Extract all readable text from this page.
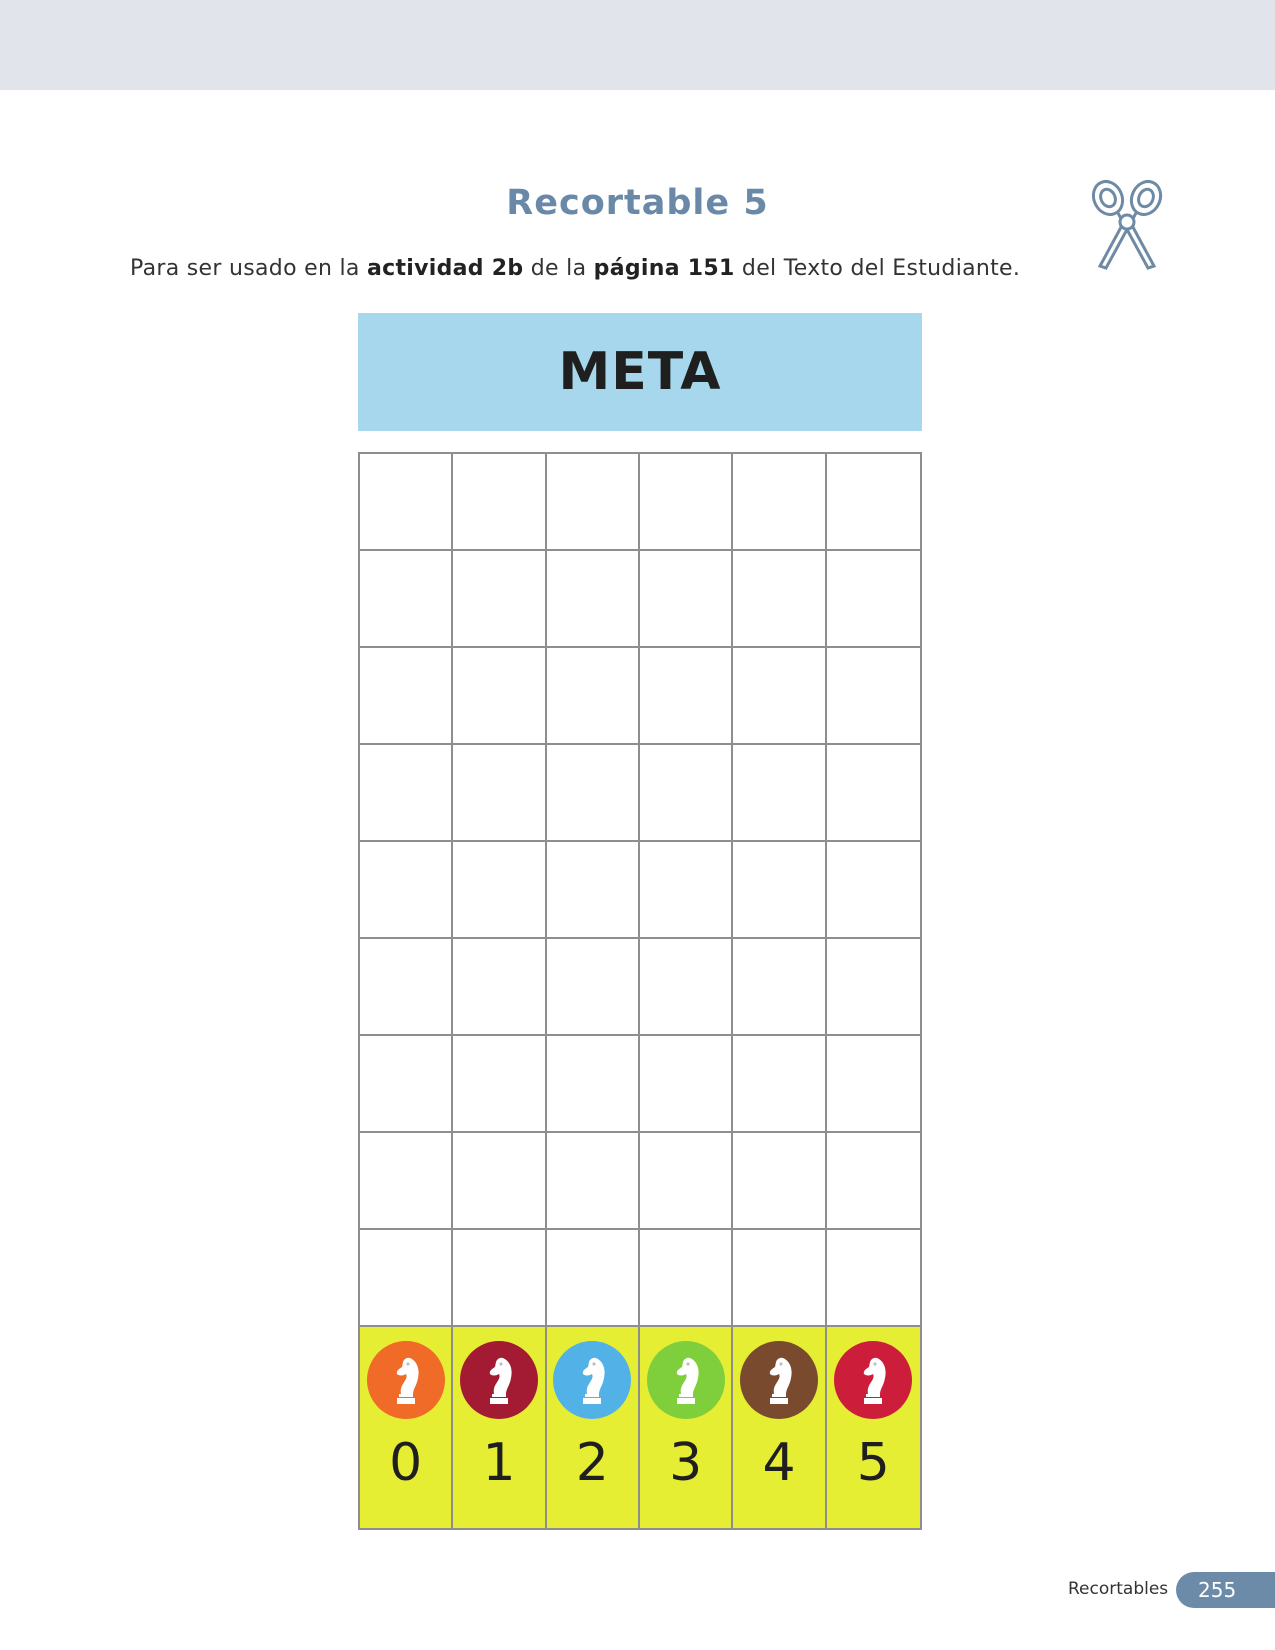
Recortable 5
Para ser usado en la actividad 2b de la página 151 del Texto del Estudiante.
META
0 1 2 3 4 5
Recortables	255
